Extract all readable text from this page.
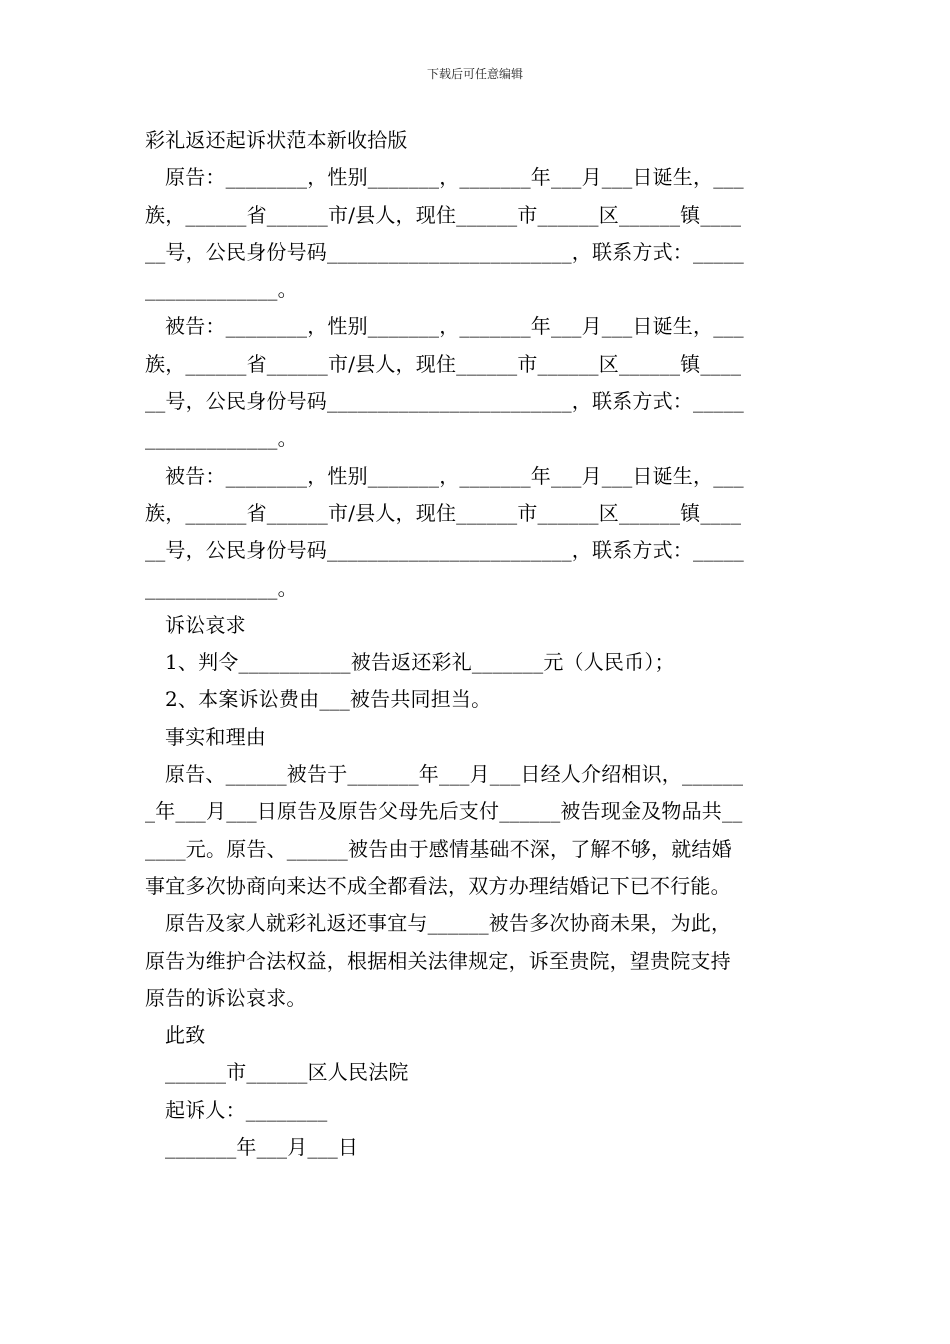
下载后可任意编辑
彩礼返还起诉状范本新收拾版
原告：________，性别_______，_______年___月___日诞生，___
族，______省______市/县人，现住______市______区______镇____
__号，公民身份号码________________________，联系方式：_____
_____________。
被告：________，性别_______，_______年___月___日诞生，___
族，______省______市/县人，现住______市______区______镇____
__号，公民身份号码________________________，联系方式：_____
_____________。
被告：________，性别_______，_______年___月___日诞生，___
族，______省______市/县人，现住______市______区______镇____
__号，公民身份号码________________________，联系方式：_____
_____________。
诉讼哀求
1、判令___________被告返还彩礼_______元（人民币）；
2、本案诉讼费由___被告共同担当。
事实和理由
原告、______被告于_______年___月___日经人介绍相识，______
_年___月___日原告及原告父母先后支付______被告现金及物品共__
____元。原告、______被告由于感情基础不深，了解不够，就结婚
事宜多次协商向来达不成全都看法，双方办理结婚记下已不行能。
原告及家人就彩礼返还事宜与______被告多次协商未果，为此，
原告为维护合法权益，根据相关法律规定，诉至贵院，望贵院支持
原告的诉讼哀求。
此致
______市______区人民法院
起诉人：________
_______年___月___日
